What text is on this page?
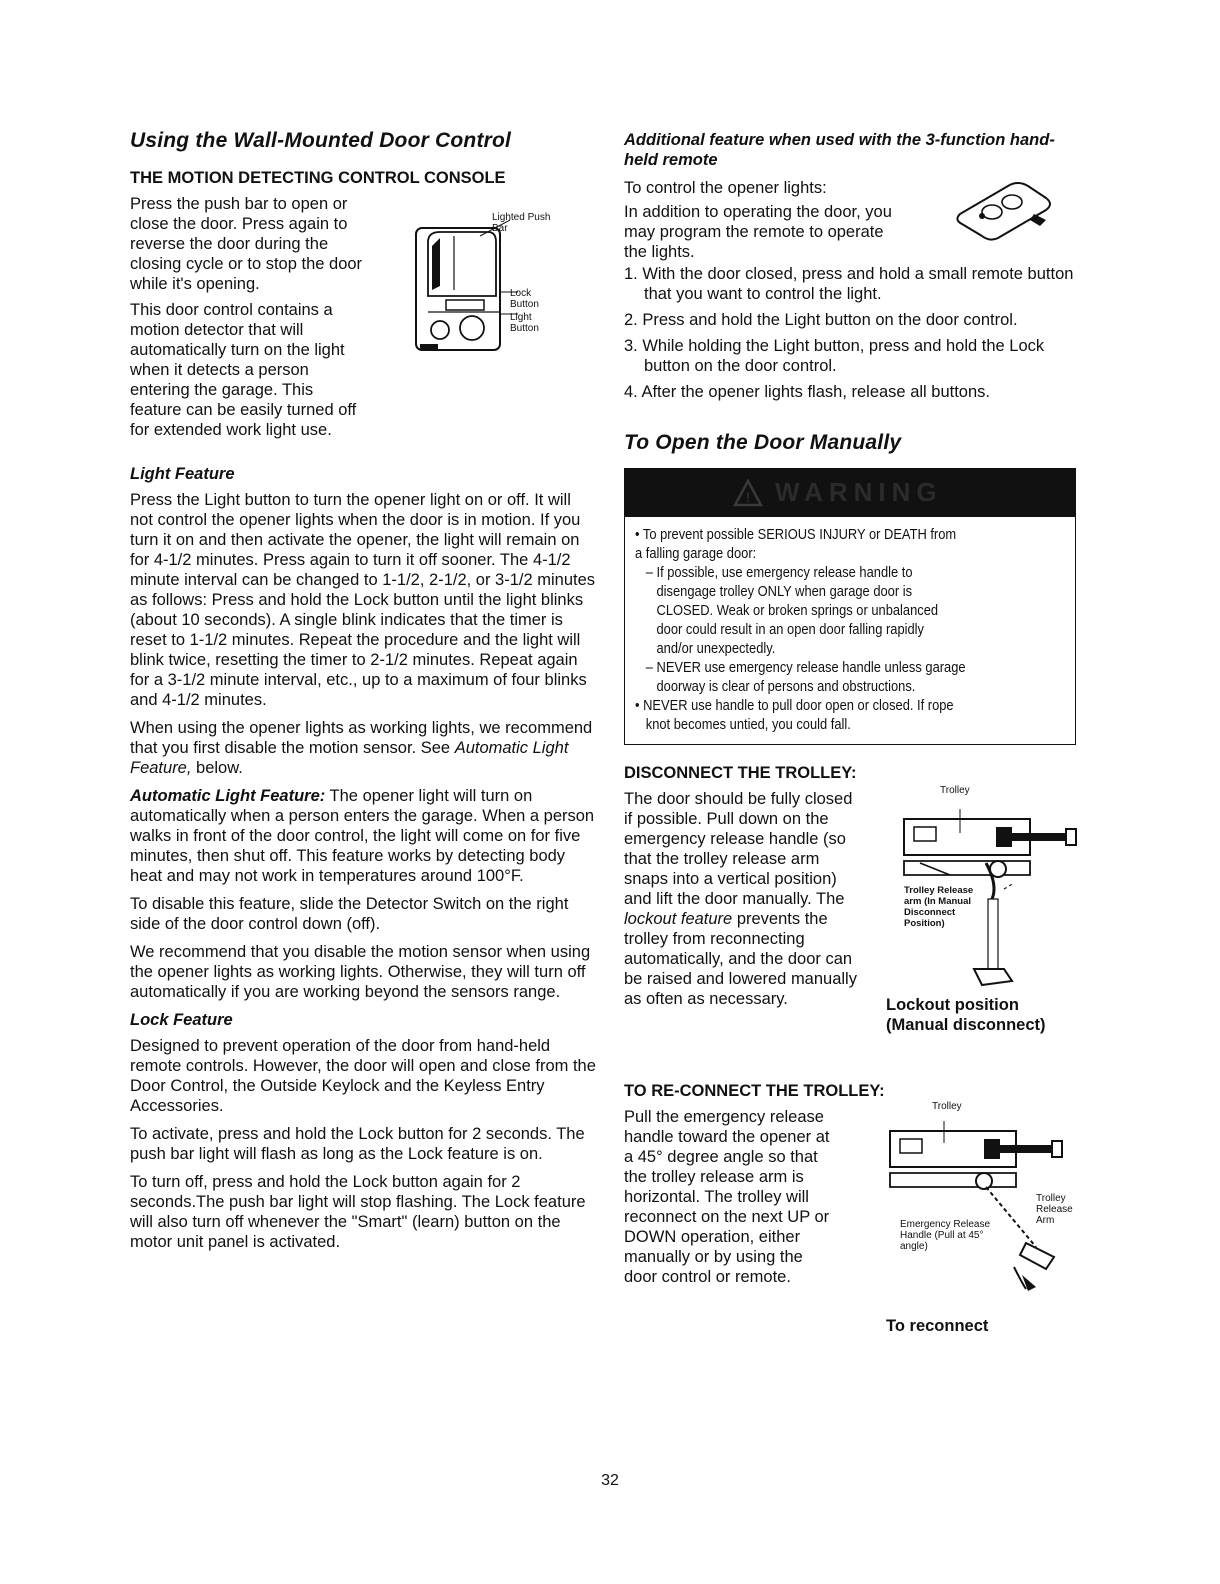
Using the Wall-Mounted Door Control
THE MOTION DETECTING CONTROL CONSOLE

Press the push bar to open or
close the door. Press again to
reverse the door during the
closing cycle or to stop the door
while it's opening.

This door control contains a
motion detector that will
automatically turn on the light
when it detects a person
entering the garage. This
feature can be easily turned off
for extended work light use.

Lighted Push Bar
Lock Button
Light Button
Light Feature

Press the Light button to turn the opener light on or off. It will not control the opener lights when the door is in motion. If you turn it on and then activate the opener, the light will remain on for 4-1/2 minutes. Press again to turn it off sooner. The 4-1/2 minute interval can be changed to 1-1/2, 2-1/2, or 3-1/2 minutes as follows: Press and hold the Lock button until the light blinks (about 10 seconds). A single blink indicates that the timer is reset to 1-1/2 minutes. Repeat the procedure and the light will blink twice, resetting the timer to 2-1/2 minutes. Repeat again for a 3-1/2 minute interval, etc., up to a maximum of four blinks and 4-1/2 minutes.

When using the opener lights as working lights, we recommend that you first disable the motion sensor. See Automatic Light Feature, below.

Automatic Light Feature: The opener light will turn on automatically when a person enters the garage. When a person walks in front of the door control, the light will come on for five minutes, then shut off. This feature works by detecting body heat and may not work in temperatures around 100°F.

To disable this feature, slide the Detector Switch on the right side of the door control down (off).

We recommend that you disable the motion sensor when using the opener lights as working lights. Otherwise, they will turn off automatically if you are working beyond the sensors range.

Lock Feature

Designed to prevent operation of the door from hand-held remote controls. However, the door will open and close from the Door Control, the Outside Keylock and the Keyless Entry Accessories.

To activate, press and hold the Lock button for 2 seconds. The push bar light will flash as long as the Lock feature is on.

To turn off, press and hold the Lock button again for 2 seconds.The push bar light will stop flashing. The Lock feature will also turn off whenever the "Smart" (learn) button on the motor unit panel is activated.

Additional feature when used with the 3-function hand-held remote

To control the opener lights:

In addition to operating the door, you
may program the remote to operate
the lights.

1. With the door closed, press and hold a small remote button that you want to control the light.
2. Press and hold the Light button on the door control.
3. While holding the Light button, press and hold the Lock button on the door control.
4. After the opener lights flash, release all buttons.
To Open the Door Manually
! WARNING

• To prevent possible SERIOUS INJURY or DEATH from

a falling garage door:

– If possible, use emergency release handle to

disengage trolley ONLY when garage door is

CLOSED. Weak or broken springs or unbalanced

door could result in an open door falling rapidly

and/or unexpectedly.

– NEVER use emergency release handle unless garage

doorway is clear of persons and obstructions.

• NEVER use handle to pull door open or closed. If rope

knot becomes untied, you could fall.

DISCONNECT THE TROLLEY:

The door should be fully closed
if possible. Pull down on the
emergency release handle (so
that the trolley release arm
snaps into a vertical position)
and lift the door manually. The
lockout feature prevents the
trolley from reconnecting
automatically, and the door can
be raised and lowered manually
as often as necessary.

Trolley
Trolley Release arm (In Manual Disconnect Position)
Lockout position
(Manual disconnect)
TO RE-CONNECT THE TROLLEY:

Pull the emergency release
handle toward the opener at
a 45° degree angle so that
the trolley release arm is
horizontal. The trolley will
reconnect on the next UP or
DOWN operation, either
manually or by using the
door control or remote.

Trolley
Trolley Release Arm
Emergency Release Handle (Pull at 45° angle)
To reconnect
32
